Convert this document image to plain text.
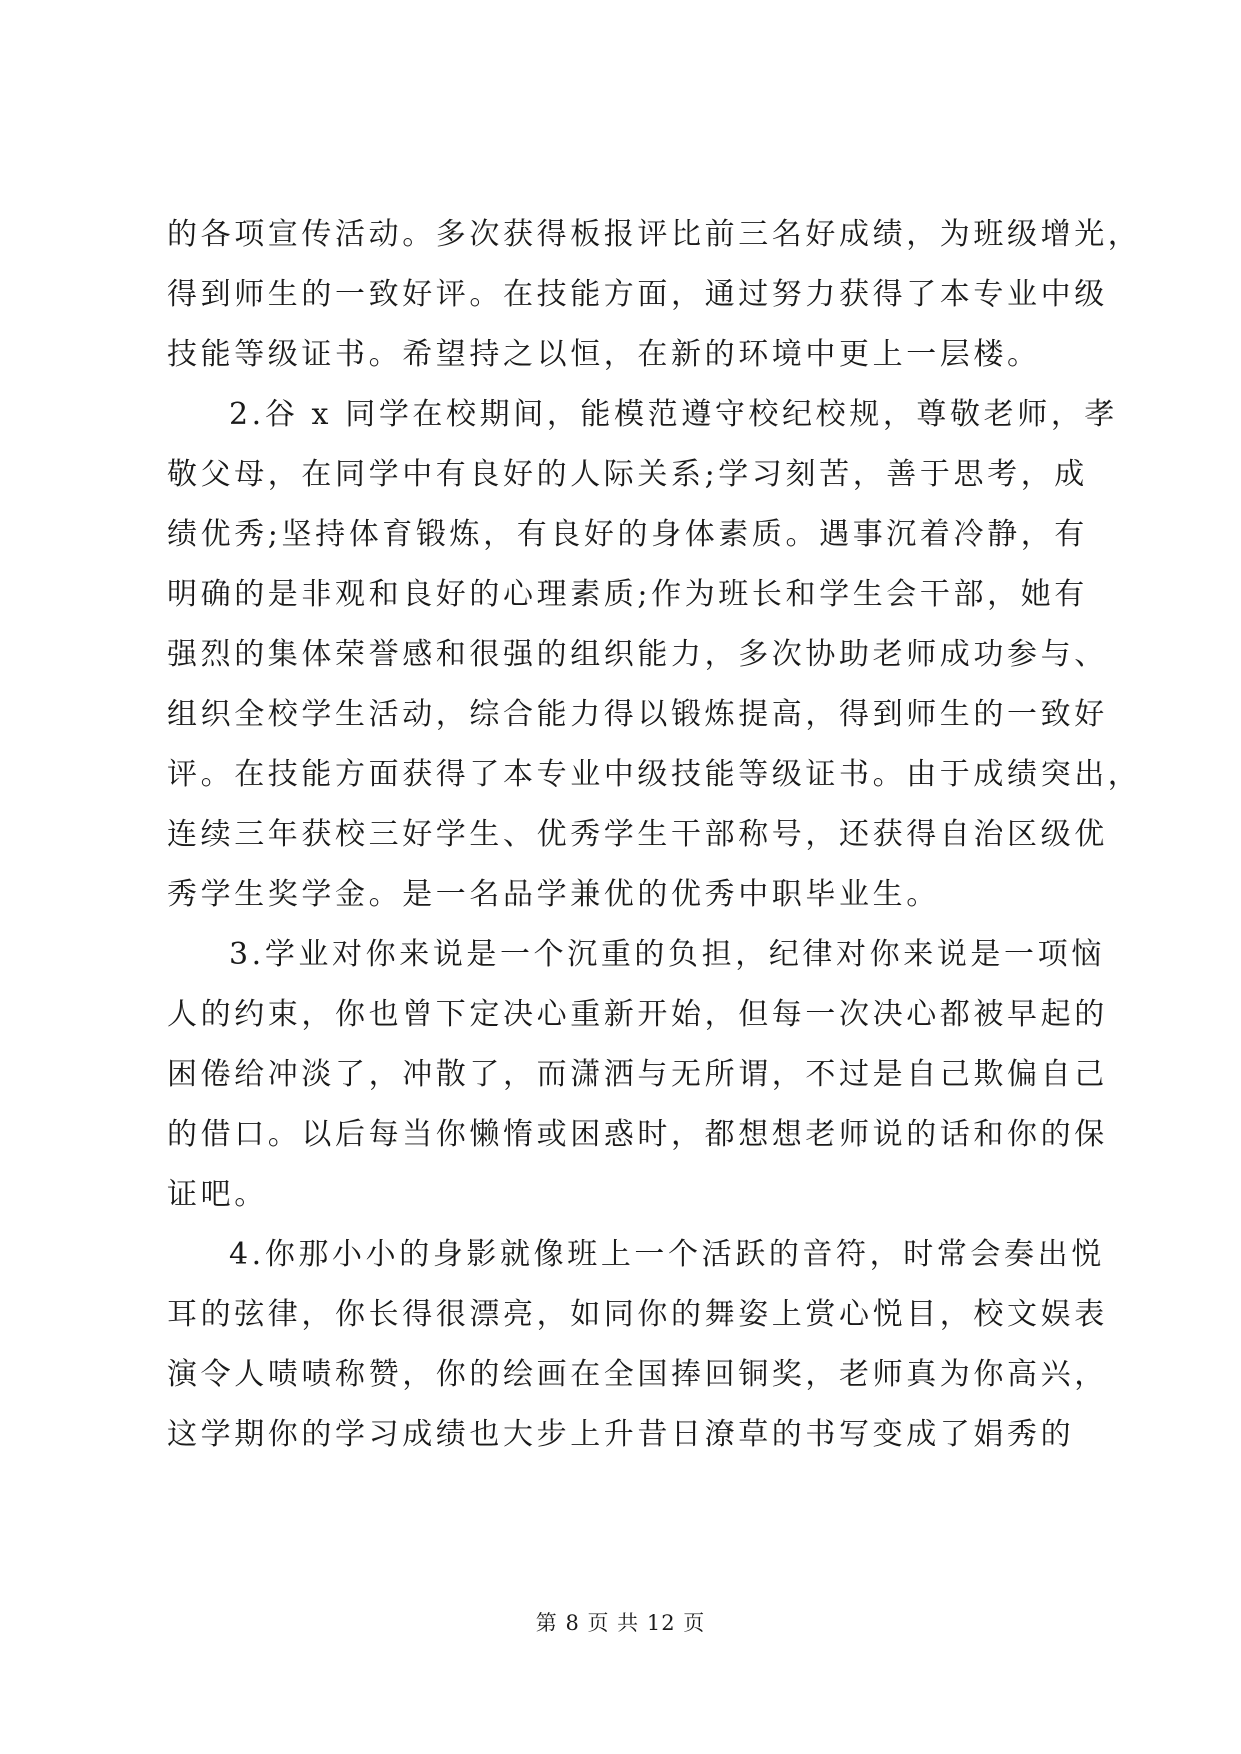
的各项宣传活动。多次获得板报评比前三名好成绩，为班级增光，
得到师生的一致好评。在技能方面，通过努力获得了本专业中级
技能等级证书。希望持之以恒，在新的环境中更上一层楼。
2.谷 x 同学在校期间，能模范遵守校纪校规，尊敬老师，孝
敬父母，在同学中有良好的人际关系;学习刻苦，善于思考，成
绩优秀;坚持体育锻炼，有良好的身体素质。遇事沉着冷静，有
明确的是非观和良好的心理素质;作为班长和学生会干部，她有
强烈的集体荣誉感和很强的组织能力，多次协助老师成功参与、
组织全校学生活动，综合能力得以锻炼提高，得到师生的一致好
评。在技能方面获得了本专业中级技能等级证书。由于成绩突出，
连续三年获校三好学生、优秀学生干部称号，还获得自治区级优
秀学生奖学金。是一名品学兼优的优秀中职毕业生。
3.学业对你来说是一个沉重的负担，纪律对你来说是一项恼
人的约束，你也曾下定决心重新开始，但每一次决心都被早起的
困倦给冲淡了，冲散了，而潇洒与无所谓，不过是自己欺偏自己
的借口。以后每当你懒惰或困惑时，都想想老师说的话和你的保
证吧。
4.你那小小的身影就像班上一个活跃的音符，时常会奏出悦
耳的弦律，你长得很漂亮，如同你的舞姿上赏心悦目，校文娱表
演令人啧啧称赞，你的绘画在全国捧回铜奖，老师真为你高兴，
这学期你的学习成绩也大步上升昔日潦草的书写变成了娟秀的
第 8 页 共 12 页
